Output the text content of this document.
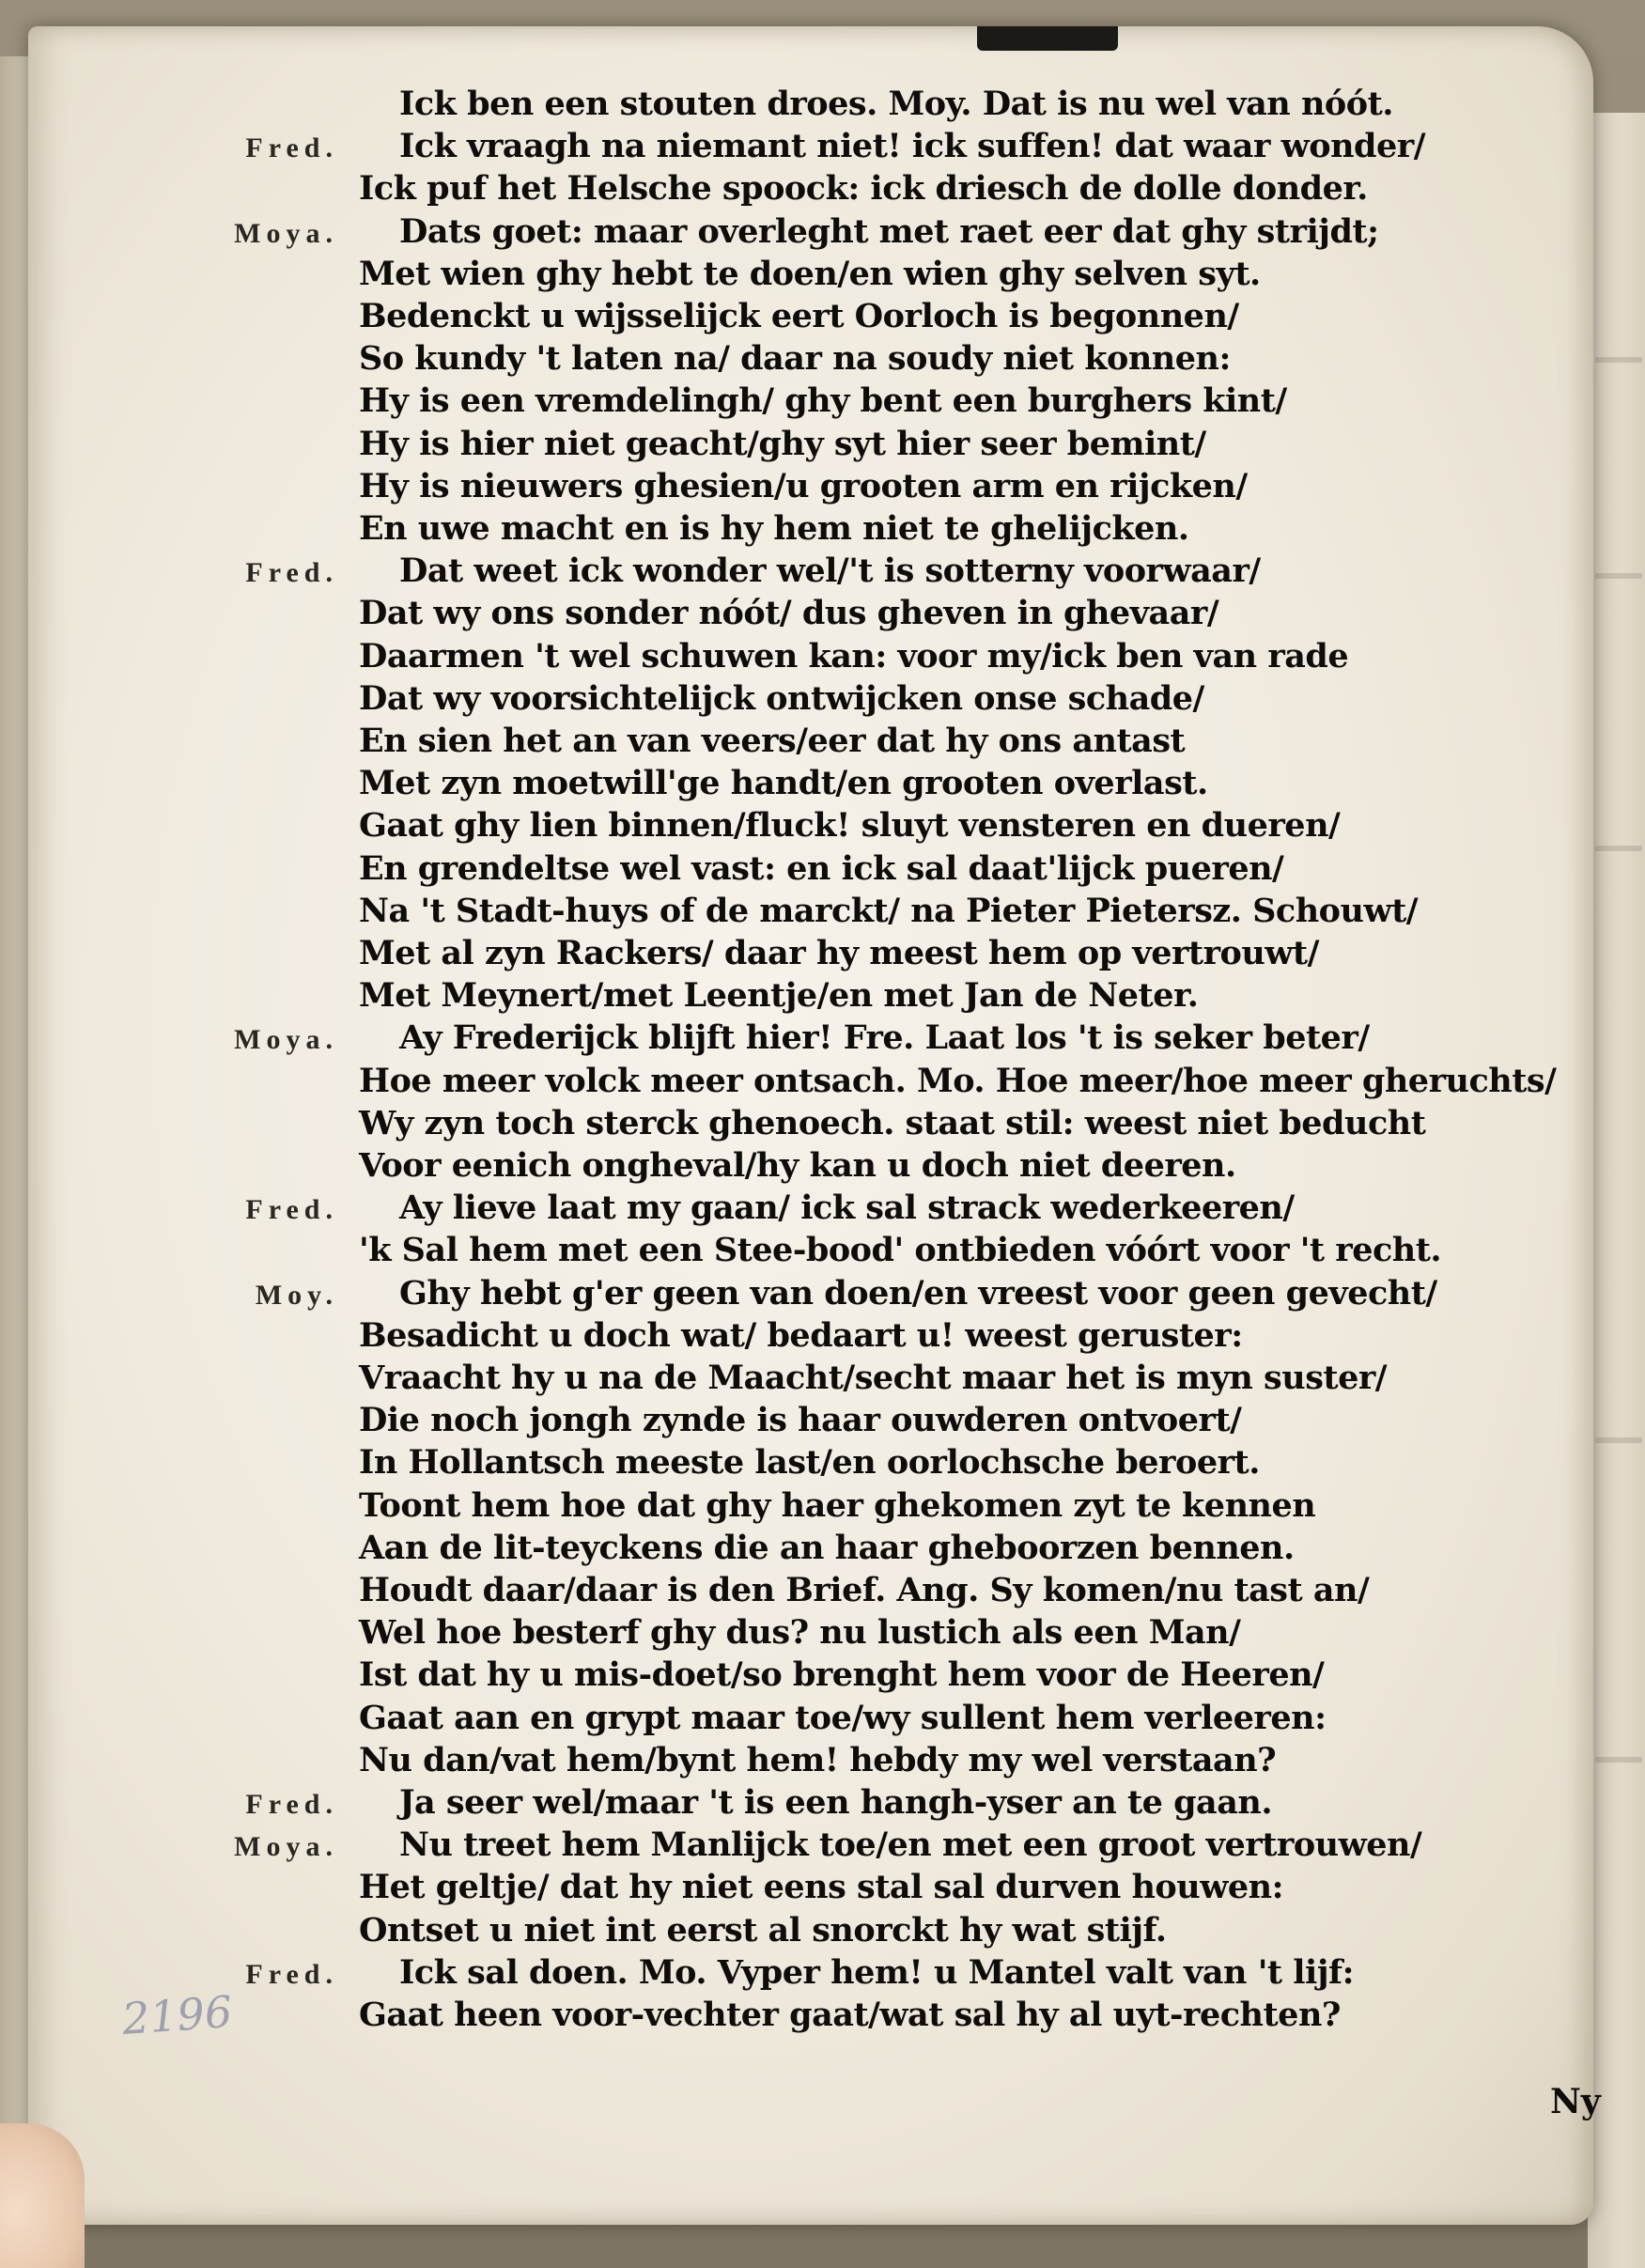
Ick ben een stouten droes. Moy. Dat is nu wel van nóót.
Fred. Ick vraagh na niemant niet! ick suffen! dat waar wonder/
Ick puf het Helsche spoock: ick driesch de dolle donder.
Moya. Dats goet: maar overleght met raet eer dat ghy strijdt;
Met wien ghy hebt te doen/en wien ghy selven syt.
Bedenckt u wijsselijck eert Oorloch is begonnen/
So kundy 't laten na/ daar na soudy niet konnen:
Hy is een vremdelingh/ ghy bent een burghers kint/
Hy is hier niet geacht/ghy syt hier seer bemint/
Hy is nieuwers ghesien/u grooten arm en rijcken/
En uwe macht en is hy hem niet te ghelijcken.
Fred. Dat weet ick wonder wel/'t is sotterny voorwaar/
Dat wy ons sonder nóót/ dus gheven in ghevaar/
Daarmen 't wel schuwen kan: voor my/ick ben van rade
Dat wy voorsichtelijck ontwijcken onse schade/
En sien het an van veers/eer dat hy ons antast
Met zyn moetwill'ge handt/en grooten overlast.
Gaat ghy lien binnen/fluck! sluyt vensteren en dueren/
En grendeltse wel vast: en ick sal daat'lijck pueren/
Na 't Stadt-huys of de marckt/ na Pieter Pietersz. Schouwt/
Met al zyn Rackers/ daar hy meest hem op vertrouwt/
Met Meynert/met Leentje/en met Jan de Neter.
Moya. Ay Frederijck blijft hier! Fre. Laat los 't is seker beter/
Hoe meer volck meer ontsach. Mo. Hoe meer/hoe meer gheruchts/
Wy zyn toch sterck ghenoech. staat stil: weest niet beducht
Voor eenich ongheval/hy kan u doch niet deeren.
Fred. Ay lieve laat my gaan/ ick sal strack wederkeeren/
'k Sal hem met een Stee-bood' ontbieden vóórt voor 't recht.
Moy. Ghy hebt g'er geen van doen/en vreest voor geen gevecht/
Besadicht u doch wat/ bedaart u! weest geruster:
Vraacht hy u na de Maacht/secht maar het is myn suster/
Die noch jongh zynde is haar ouwderen ontvoert/
In Hollantsch meeste last/en oorlochsche beroert.
Toont hem hoe dat ghy haer ghekomen zyt te kennen
Aan de lit-teyckens die an haar gheboorzen bennen.
Houdt daar/daar is den Brief. Ang. Sy komen/nu tast an/
Wel hoe besterf ghy dus? nu lustich als een Man/
Ist dat hy u mis-doet/so brenght hem voor de Heeren/
Gaat aan en grypt maar toe/wy sullent hem verleeren:
Nu dan/vat hem/bynt hem! hebdy my wel verstaan?
Fred. Ja seer wel/maar 't is een hangh-yser an te gaan.
Moya. Nu treet hem Manlijck toe/en met een groot vertrouwen/
Het geltje/ dat hy niet eens stal sal durven houwen:
Ontset u niet int eerst al snorckt hy wat stijf.
Fred. Ick sal doen. Mo. Vyper hem! u Mantel valt van 't lijf:
Gaat heen voor-vechter gaat/wat sal hy al uyt-rechten?
2196
Ny
